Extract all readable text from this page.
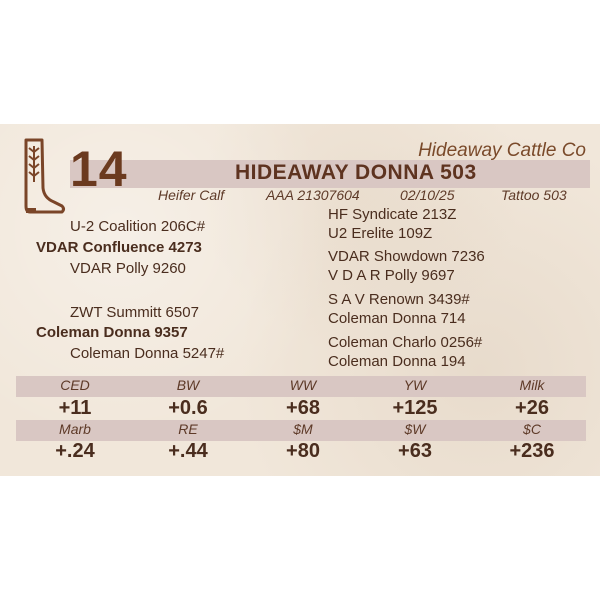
14	Hideaway Cattle Co
HIDEAWAY DONNA 503
Heifer Calf	AAA 21307604	02/10/25	Tattoo 503
U-2 Coalition 206C#
VDAR Confluence 4273
VDAR Polly 9260
ZWT Summitt 6507
Coleman Donna 9357
Coleman Donna 5247#
HF Syndicate 213Z
U2 Erelite 109Z
VDAR Showdown 7236
V D A R Polly 9697
S A V Renown 3439#
Coleman Donna 714
Coleman Charlo 0256#
Coleman Donna 194
CED	BW	WW	YW	Milk
+11	+0.6	+68	+125	+26
Marb	RE	$M	$W	$C
+.24	+.44	+80	+63	+236
